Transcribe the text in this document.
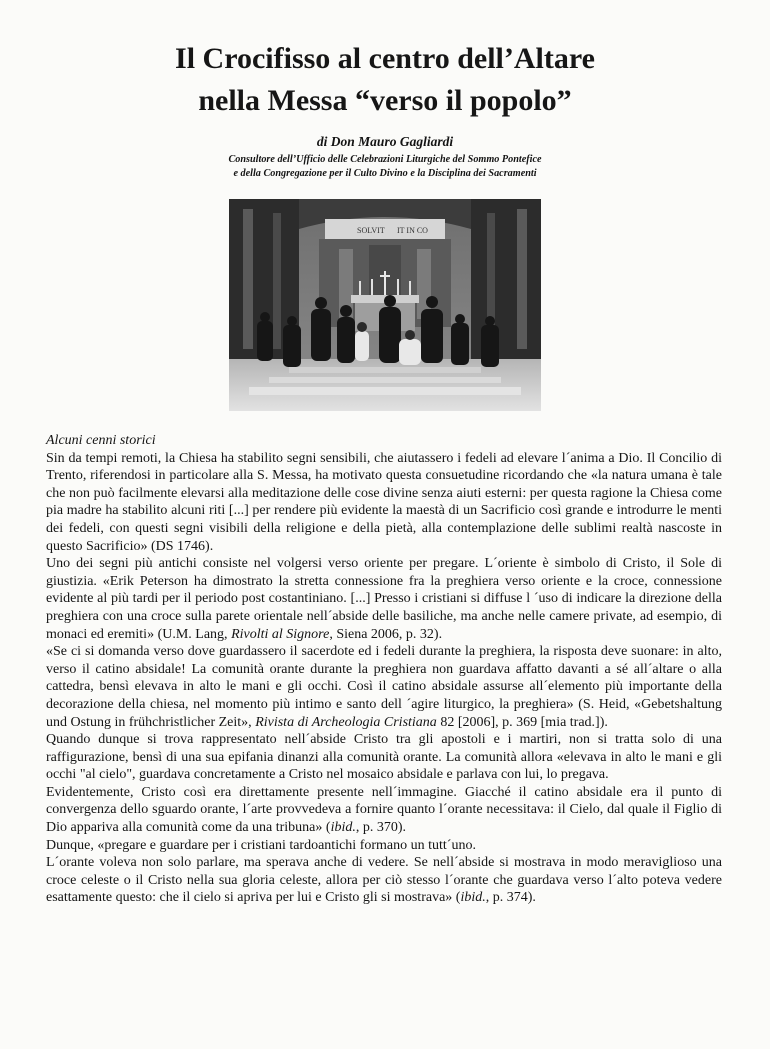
Il Crocifisso al centro dell’Altare
nella Messa “verso il popolo”
di Don Mauro Gagliardi
Consultore dell’Ufficio delle Celebrazioni Liturgiche del Sommo Pontefice
e della Congregazione per il Culto Divino e la Disciplina dei Sacramenti
SOLVIT IT IN CO

Alcuni cenni storici

Sin da tempi remoti, la Chiesa ha stabilito segni sensibili, che aiutassero i fedeli ad elevare l´anima a Dio. Il Concilio di Trento, riferendosi in particolare alla S. Messa, ha motivato questa consuetudine ricordando che «la natura umana è tale che non può facilmente elevarsi alla meditazione delle cose divine senza aiuti esterni: per questa ragione la Chiesa come pia madre ha stabilito alcuni riti [...] per rendere più evidente la maestà di un Sacrificio così grande e introdurre le menti dei fedeli, con questi segni visibili della religione e della pietà, alla contemplazione delle sublimi realtà nascoste in questo Sacrificio» (DS 1746).

Uno dei segni più antichi consiste nel volgersi verso oriente per pregare. L´oriente è simbolo di Cristo, il Sole di giustizia. «Erik Peterson ha dimostrato la stretta connessione fra la preghiera verso oriente e la croce, connessione evidente al più tardi per il periodo post costantiniano. [...] Presso i cristiani si diffuse l ´uso di indicare la direzione della preghiera con una croce sulla parete orientale nell´abside delle basiliche, ma anche nelle camere private, ad esempio, di monaci ed eremiti» (U.M. Lang, Rivolti al Signore, Siena 2006, p. 32).

«Se ci si domanda verso dove guardassero il sacerdote ed i fedeli durante la preghiera, la risposta deve suonare: in alto, verso il catino absidale! La comunità orante durante la preghiera non guardava affatto davanti a sé all´altare o alla cattedra, bensì elevava in alto le mani e gli occhi. Così il catino absidale assurse all´elemento più importante della decorazione della chiesa, nel momento più intimo e santo dell ´agire liturgico, la preghiera» (S. Heid, «Gebetshaltung und Ostung in frühchristlicher Zeit», Rivista di Archeologia Cristiana 82 [2006], p. 369 [mia trad.]).

Quando dunque si trova rappresentato nell´abside Cristo tra gli apostoli e i martiri, non si tratta solo di una raffigurazione, bensì di una sua epifania dinanzi alla comunità orante. La comunità allora «elevava in alto le mani e gli occhi "al cielo", guardava concretamente a Cristo nel mosaico absidale e parlava con lui, lo pregava.

Evidentemente, Cristo così era direttamente presente nell´immagine. Giacché il catino absidale era il punto di convergenza dello sguardo orante, l´arte provvedeva a fornire quanto l´orante necessitava: il Cielo, dal quale il Figlio di Dio appariva alla comunità come da una tribuna» (ibid., p. 370).

Dunque, «pregare e guardare per i cristiani tardoantichi formano un tutt´uno.

L´orante voleva non solo parlare, ma sperava anche di vedere. Se nell´abside si mostrava in modo meraviglioso una croce celeste o il Cristo nella sua gloria celeste, allora per ciò stesso l´orante che guardava verso l´alto poteva vedere esattamente questo: che il cielo si apriva per lui e Cristo gli si mostrava» (ibid., p. 374).
